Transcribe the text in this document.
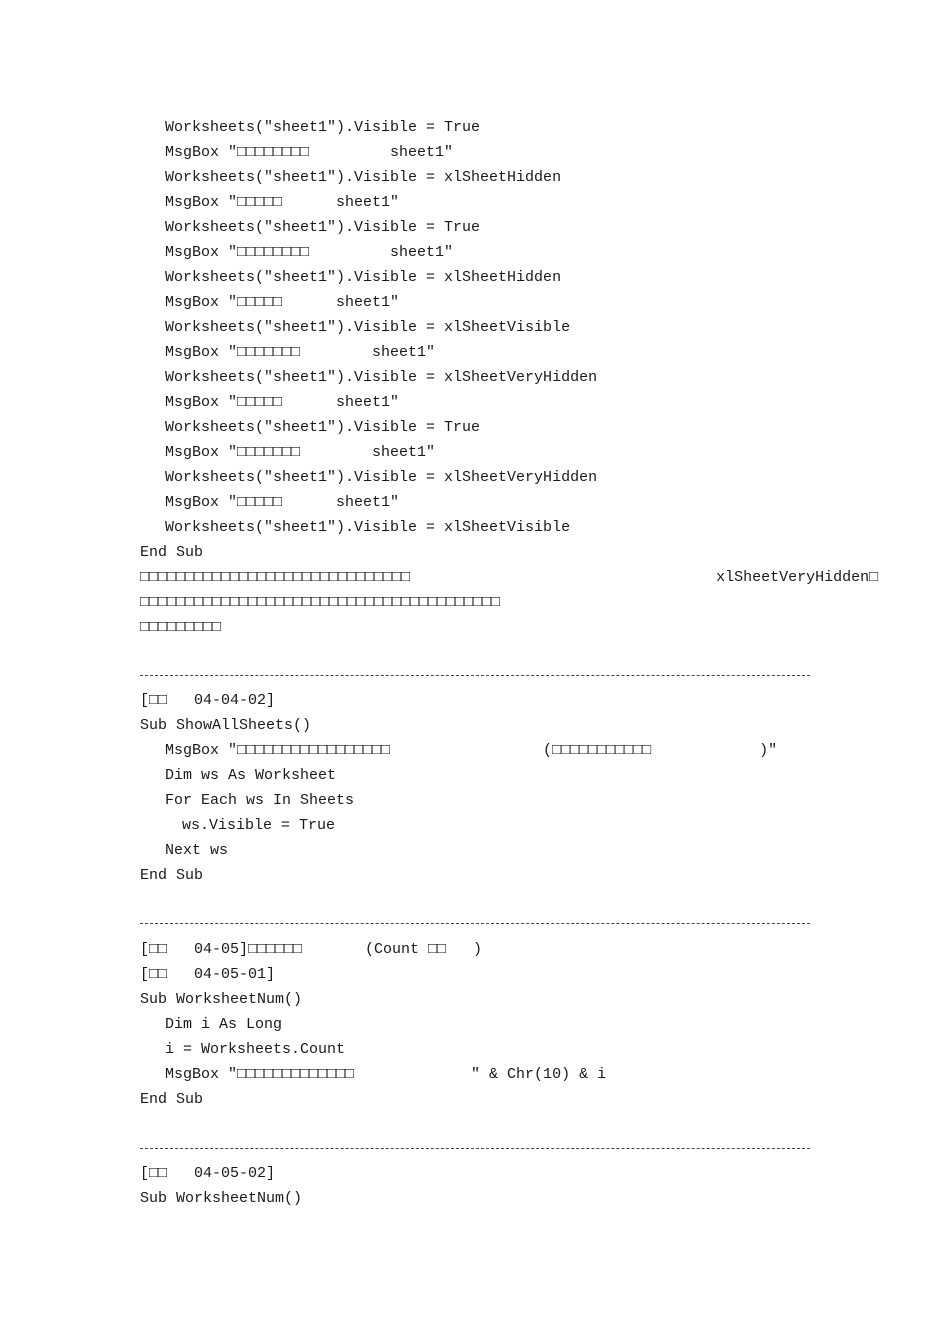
Worksheets("sheet1").Visible = True
MsgBox "□□□□□□□□         sheet1"
Worksheets("sheet1").Visible = xlSheetHidden
MsgBox "□□□□□      sheet1"
Worksheets("sheet1").Visible = True
MsgBox "□□□□□□□□         sheet1"
Worksheets("sheet1").Visible = xlSheetHidden
MsgBox "□□□□□      sheet1"
Worksheets("sheet1").Visible = xlSheetVisible
MsgBox "□□□□□□□        sheet1"
Worksheets("sheet1").Visible = xlSheetVeryHidden
MsgBox "□□□□□      sheet1"
Worksheets("sheet1").Visible = True
MsgBox "□□□□□□□        sheet1"
Worksheets("sheet1").Visible = xlSheetVeryHidden
MsgBox "□□□□□      sheet1"
Worksheets("sheet1").Visible = xlSheetVisible
End Sub
□□□□□□□□□□□□□□□□□□□□□□□□□□□□□□                                  xlSheetVeryHidden□
□□□□□□□□□□□□□□□□□□□□□□□□□□□□□□□□□□□□□□□□
□□□□□□□□□
[□□   04-04-02]
Sub ShowAllSheets()
MsgBox "□□□□□□□□□□□□□□□□□                 (□□□□□□□□□□□            )"
Dim ws As Worksheet
For Each ws In Sheets
ws.Visible = True
Next ws
End Sub
[□□   04-05]□□□□□□       (Count □□   )
[□□   04-05-01]
Sub WorksheetNum()
Dim i As Long
i = Worksheets.Count
MsgBox "□□□□□□□□□□□□□             " & Chr(10) & i
End Sub
[□□   04-05-02]
Sub WorksheetNum()
